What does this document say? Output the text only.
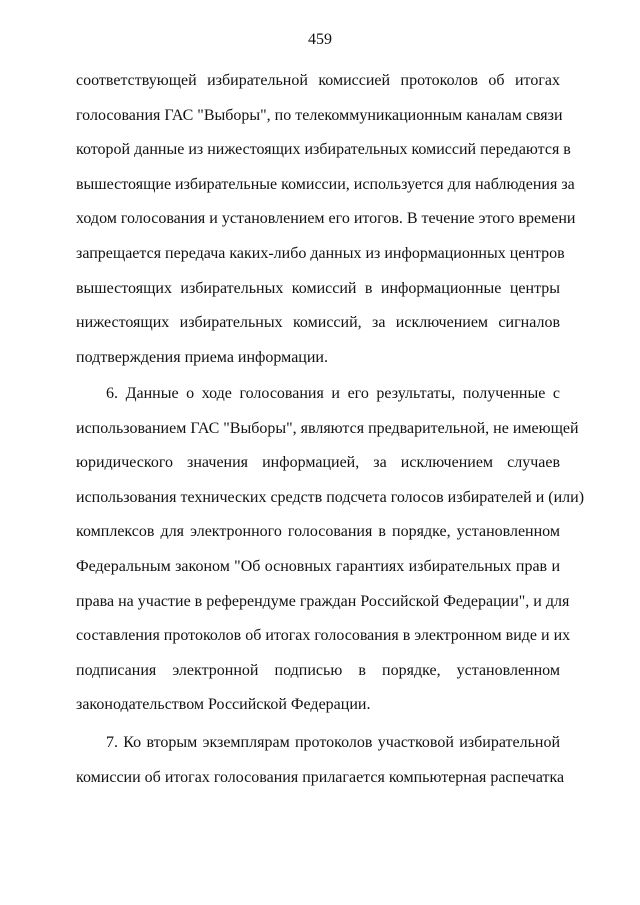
459
соответствующей избирательной комиссией протоколов об итогах
голосования ГАС "Выборы", по телекоммуникационным каналам связи
которой данные из нижестоящих избирательных комиссий передаются в
вышестоящие избирательные комиссии, используется для наблюдения за
ходом голосования и установлением его итогов. В течение этого времени
запрещается передача каких-либо данных из информационных центров
вышестоящих избирательных комиссий в информационные центры
нижестоящих избирательных комиссий, за исключением сигналов
подтверждения приема информации.
6. Данные о ходе голосования и его результаты, полученные с
использованием ГАС "Выборы", являются предварительной, не имеющей
юридического значения информацией, за исключением случаев
использования технических средств подсчета голосов избирателей и (или)
комплексов для электронного голосования в порядке, установленном
Федеральным законом "Об основных гарантиях избирательных прав и
права на участие в референдуме граждан Российской Федерации", и для
составления протоколов об итогах голосования в электронном виде и их
подписания электронной подписью в порядке, установленном
законодательством Российской Федерации.
7. Ко вторым экземплярам протоколов участковой избирательной
комиссии об итогах голосования прилагается компьютерная распечатка
